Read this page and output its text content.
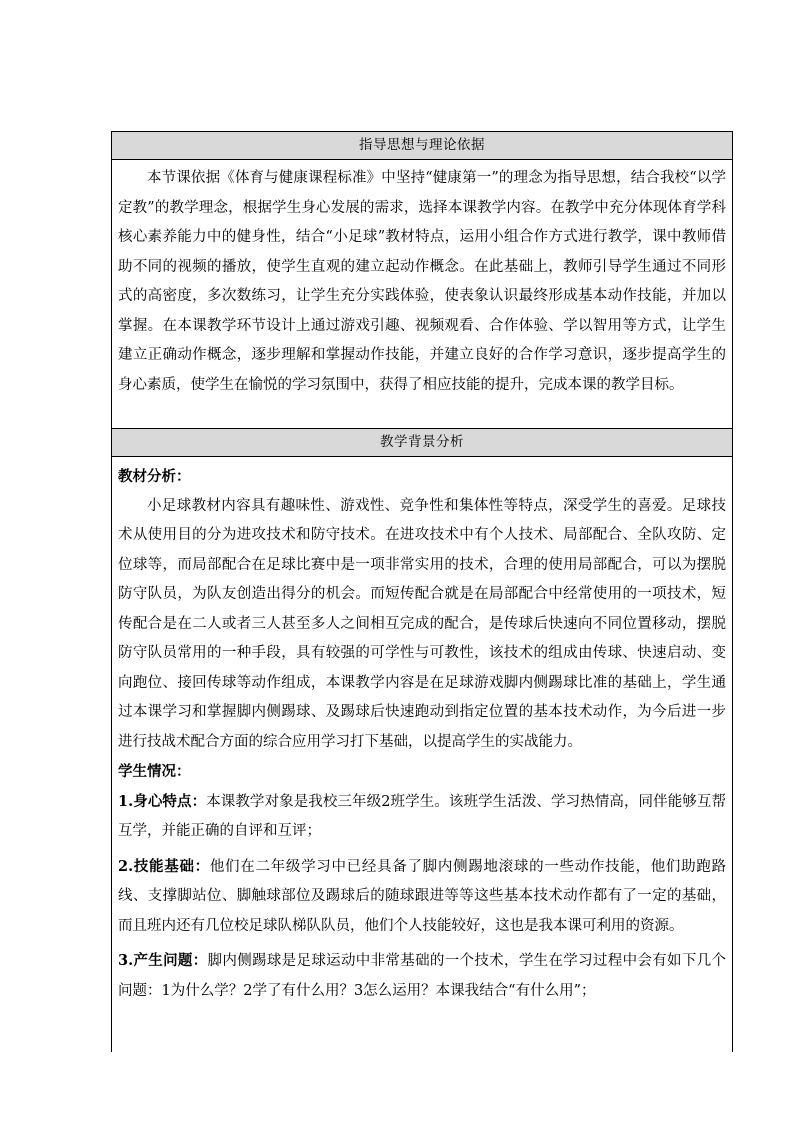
指导思想与理论依据

本节课依据《体育与健康课程标准》中坚持“健康第一”的理念为指导思想，结合我校“以学定教”的教学理念，根据学生身心发展的需求，选择本课教学内容。在教学中充分体现体育学科核心素养能力中的健身性，结合“小足球”教材特点，运用小组合作方式进行教学，课中教师借助不同的视频的播放，使学生直观的建立起动作概念。在此基础上，教师引导学生通过不同形式的高密度，多次数练习，让学生充分实践体验，使表象认识最终形成基本动作技能，并加以掌握。在本课教学环节设计上通过游戏引趣、视频观看、合作体验、学以智用等方式，让学生建立正确动作概念，逐步理解和掌握动作技能，并建立良好的合作学习意识，逐步提高学生的身心素质，使学生在愉悦的学习氛围中，获得了相应技能的提升，完成本课的教学目标。

教学背景分析

教材分析：

小足球教材内容具有趣味性、游戏性、竞争性和集体性等特点，深受学生的喜爱。足球技术从使用目的分为进攻技术和防守技术。在进攻技术中有个人技术、局部配合、全队攻防、定位球等，而局部配合在足球比赛中是一项非常实用的技术，合理的使用局部配合，可以为摆脱防守队员，为队友创造出得分的机会。而短传配合就是在局部配合中经常使用的一项技术，短传配合是在二人或者三人甚至多人之间相互完成的配合，是传球后快速向不同位置移动，摆脱防守队员常用的一种手段，具有较强的可学性与可教性，该技术的组成由传球、快速启动、变向跑位、接回传球等动作组成，本课教学内容是在足球游戏脚内侧踢球比准的基础上，学生通过本课学习和掌握脚内侧踢球、及踢球后快速跑动到指定位置的基本技术动作，为今后进一步进行技战术配合方面的综合应用学习打下基础，以提高学生的实战能力。

学生情况：

1.身心特点：本课教学对象是我校三年级2班学生。该班学生活泼、学习热情高，同伴能够互帮互学，并能正确的自评和互评；

2.技能基础：他们在二年级学习中已经具备了脚内侧踢地滚球的一些动作技能，他们助跑路线、支撑脚站位、脚触球部位及踢球后的随球跟进等等这些基本技术动作都有了一定的基础，而且班内还有几位校足球队梯队队员，他们个人技能较好，这也是我本课可利用的资源。

3.产生问题：脚内侧踢球是足球运动中非常基础的一个技术，学生在学习过程中会有如下几个问题：1为什么学？2学了有什么用？3怎么运用？本课我结合“有什么用”；
